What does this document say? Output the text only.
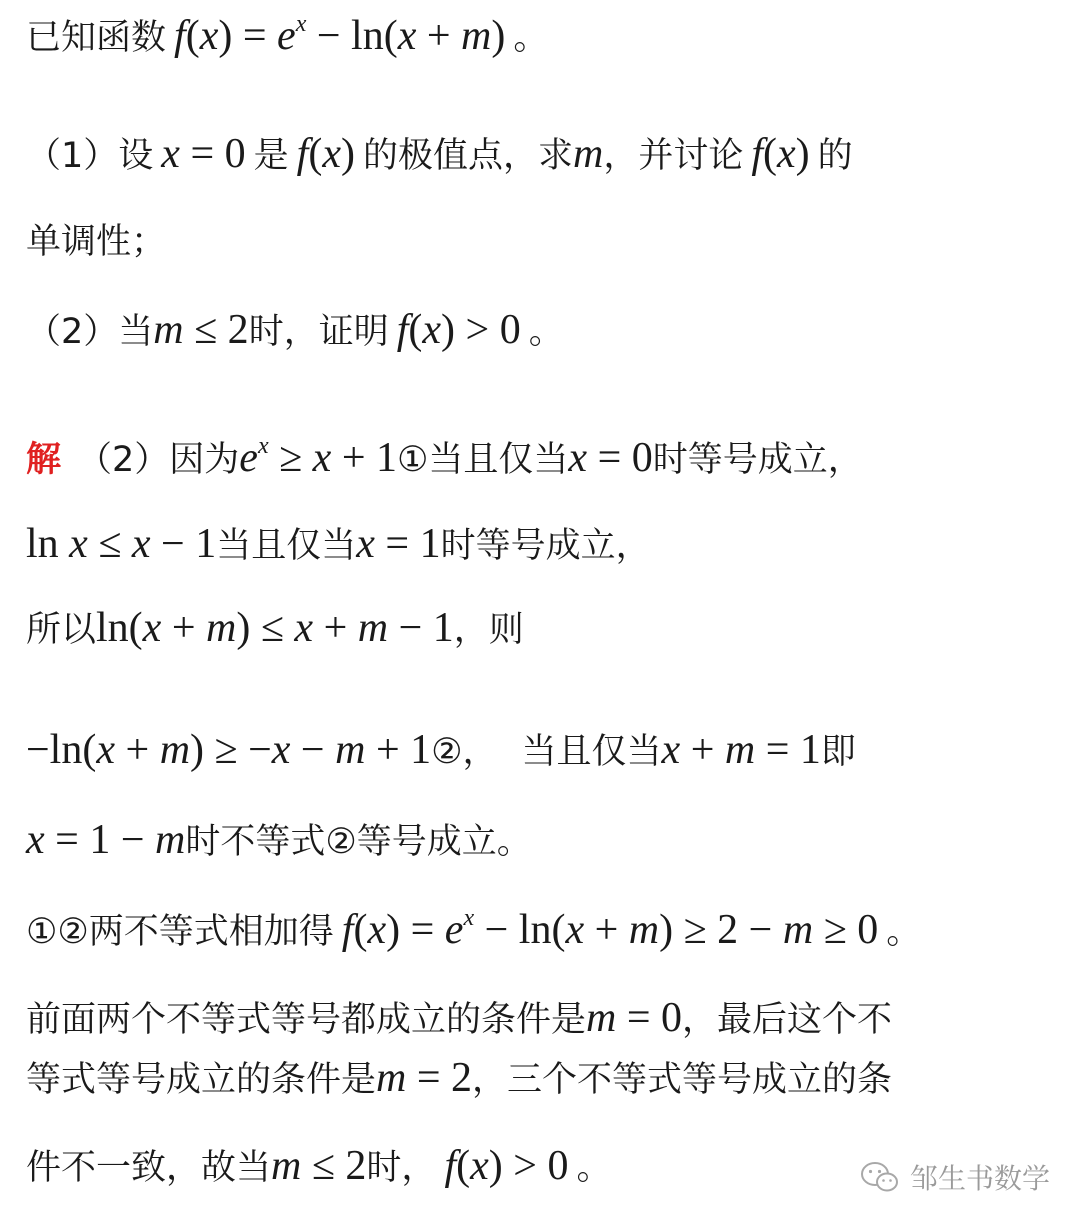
已知函数 $f(x) = e^x - \ln(x + m)$ 。
（1）设 x = 0 是 f(x) 的极值点，求m，并讨论 f(x) 的
单调性；
（2）当m ≤ 2时，证明 f(x) > 0 。
解 （2）因为$e^x \ge x$ + 1①当且仅当x = 0时等号成立，
ln x ≤ x − 1当且仅当x = 1时等号成立，
所以ln(x + m) ≤ x + m − 1，则
−ln(x + m) ≥ −x − m + 1②， 当且仅当x + m = 1即
x = 1 − m时不等式②等号成立。
①②两不等式相加得 $f(x) = e^x - \ln(x + m) \ge 2 - m \ge 0$ 。
前面两个不等式等号都成立的条件是m = 0，最后这个不
等式等号成立的条件是m = 2，三个不等式等号成立的条
件不一致，故当m ≤ 2时， f(x) > 0 。	邹生书数学
